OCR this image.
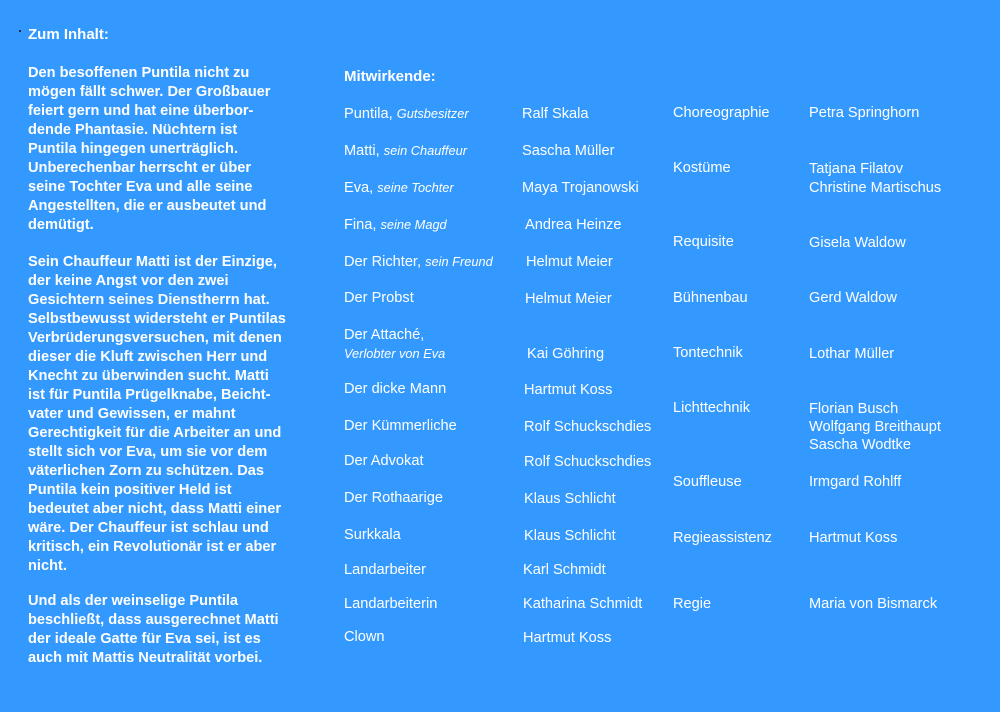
Zum Inhalt:
Den besoffenen Puntila nicht zu
mögen fällt schwer. Der Großbauer
feiert gern und hat eine überbor-
dende Phantasie. Nüchtern ist
Puntila hingegen unerträglich.
Unberechenbar herrscht er über
seine Tochter Eva und alle seine
Angestellten, die er ausbeutet und
demütigt.
Sein Chauffeur Matti ist der Einzige,
der keine Angst vor den zwei
Gesichtern seines Dienstherrn hat.
Selbstbewusst widersteht er Puntilas
Verbrüderungsversuchen, mit denen
dieser die Kluft zwischen Herr und
Knecht zu überwinden sucht. Matti
ist für Puntila Prügelknabe, Beicht-
vater und Gewissen, er mahnt
Gerechtigkeit für die Arbeiter an und
stellt sich vor Eva, um sie vor dem
väterlichen Zorn zu schützen. Das
Puntila kein positiver Held ist
bedeutet aber nicht, dass Matti einer
wäre. Der Chauffeur ist schlau und
kritisch, ein Revolutionär ist er aber
nicht.
Und als der weinselige Puntila
beschließt, dass ausgerechnet Matti
der ideale Gatte für Eva sei, ist es
auch mit Mattis Neutralität vorbei.
Mitwirkende:
Puntila, Gutsbesitzer	Ralf Skala
Matti, sein Chauffeur	Sascha Müller
Eva, seine Tochter	Maya Trojanowski
Fina, seine Magd	Andrea Heinze
Der Richter, sein Freund Helmut Meier
Der Probst	Helmut Meier
Der Attaché,
Verlobter von Eva	Kai Göhring
Der dicke Mann	Hartmut Koss
Der Kümmerliche	Rolf Schuckschdies
Der Advokat	Rolf Schuckschdies
Der Rothaarige	Klaus Schlicht
Surkkala	Klaus Schlicht
Landarbeiter	Karl Schmidt
Landarbeiterin	Katharina Schmidt
Clown	Hartmut Koss
Choreographie	Petra Springhorn
Kostüme	Tatjana Filatov
Christine Martischus
Requisite	Gisela Waldow
Bühnenbau	Gerd Waldow
Tontechnik	Lothar Müller
Lichttechnik	Florian Busch
Wolfgang Breithaupt
Sascha Wodtke
Souffleuse	Irmgard Rohlff
Regieassistenz	Hartmut Koss
Regie	Maria von Bismarck
